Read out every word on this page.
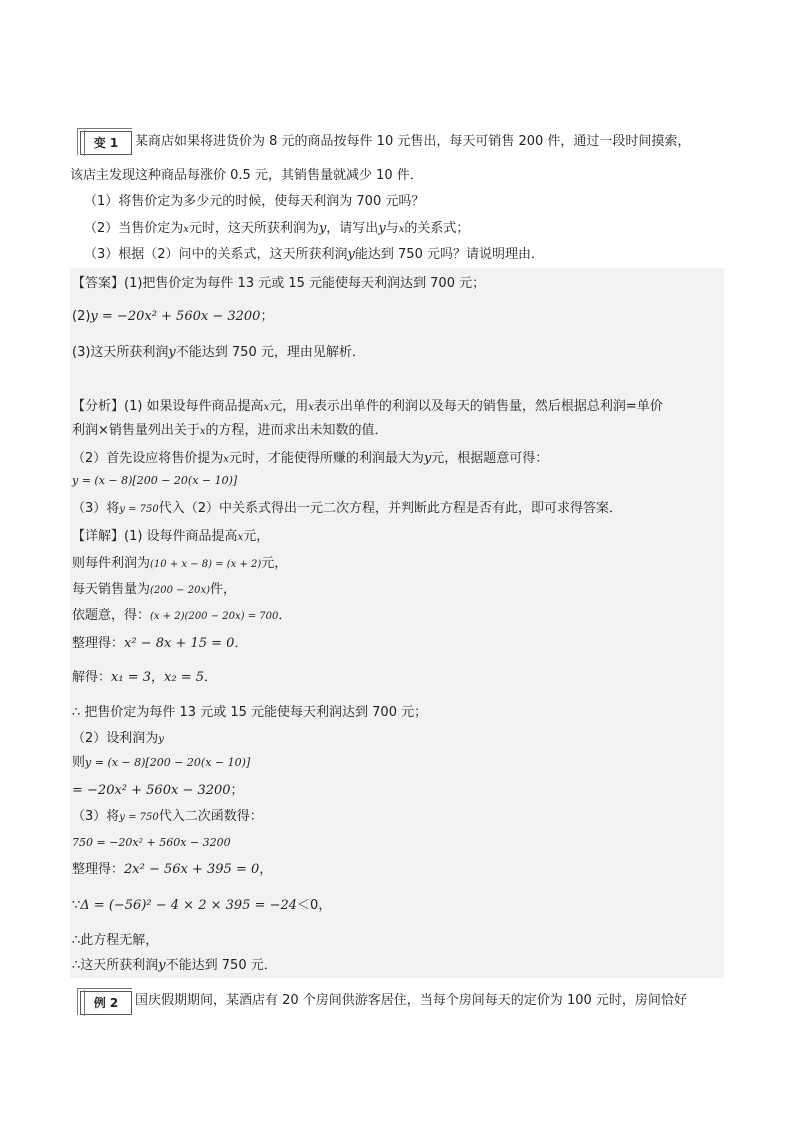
变 1	某商店如果将进货价为 8 元的商品按每件 10 元售出，每天可销售 200 件，通过一段时间摸索，
该店主发现这种商品每涨价 0.5 元，其销售量就减少 10 件．
（1）将售价定为多少元的时候，使每天利润为 700 元吗？
（2）当售价定为x元时，这天所获利润为y，请写出y与x的关系式；
（3）根据（2）问中的关系式，这天所获利润y能达到 750 元吗？请说明理由．
【答案】(1)把售价定为每件 13 元或 15 元能使每天利润达到 700 元；
(2)y = −20x² + 560x − 3200；
(3)这天所获利润y不能达到 750 元，理由见解析．
【分析】(1) 如果设每件商品提高x元，用x表示出单件的利润以及每天的销售量，然后根据总利润=单价
利润×销售量列出关于x的方程，进而求出未知数的值．
（2）首先设应将售价提为x元时，才能使得所赚的利润最大为y元，根据题意可得：
y = (x − 8)[200 − 20(x − 10)]
（3）将y = 750代入（2）中关系式得出一元二次方程，并判断此方程是否有此，即可求得答案．
【详解】(1) 设每件商品提高x元，
则每件利润为(10 + x − 8) = (x + 2)元，
每天销售量为(200 − 20x)件，
依题意，得：(x + 2)(200 − 20x) = 700．
整理得：x² − 8x + 15 = 0．
解得：x₁ = 3，x₂ = 5．
∴ 把售价定为每件 13 元或 15 元能使每天利润达到 700 元；
（2）设利润为y
则y = (x − 8)[200 − 20(x − 10)]
= −20x² + 560x − 3200；
（3）将y = 750代入二次函数得：
750 = −20x² + 560x − 3200
整理得：2x² − 56x + 395 = 0，
∵Δ = (−56)² − 4 × 2 × 395 = −24＜0，
∴此方程无解，
∴这天所获利润y不能达到 750 元．
例 2	国庆假期期间，某酒店有 20 个房间供游客居住，当每个房间每天的定价为 100 元时，房间恰好
